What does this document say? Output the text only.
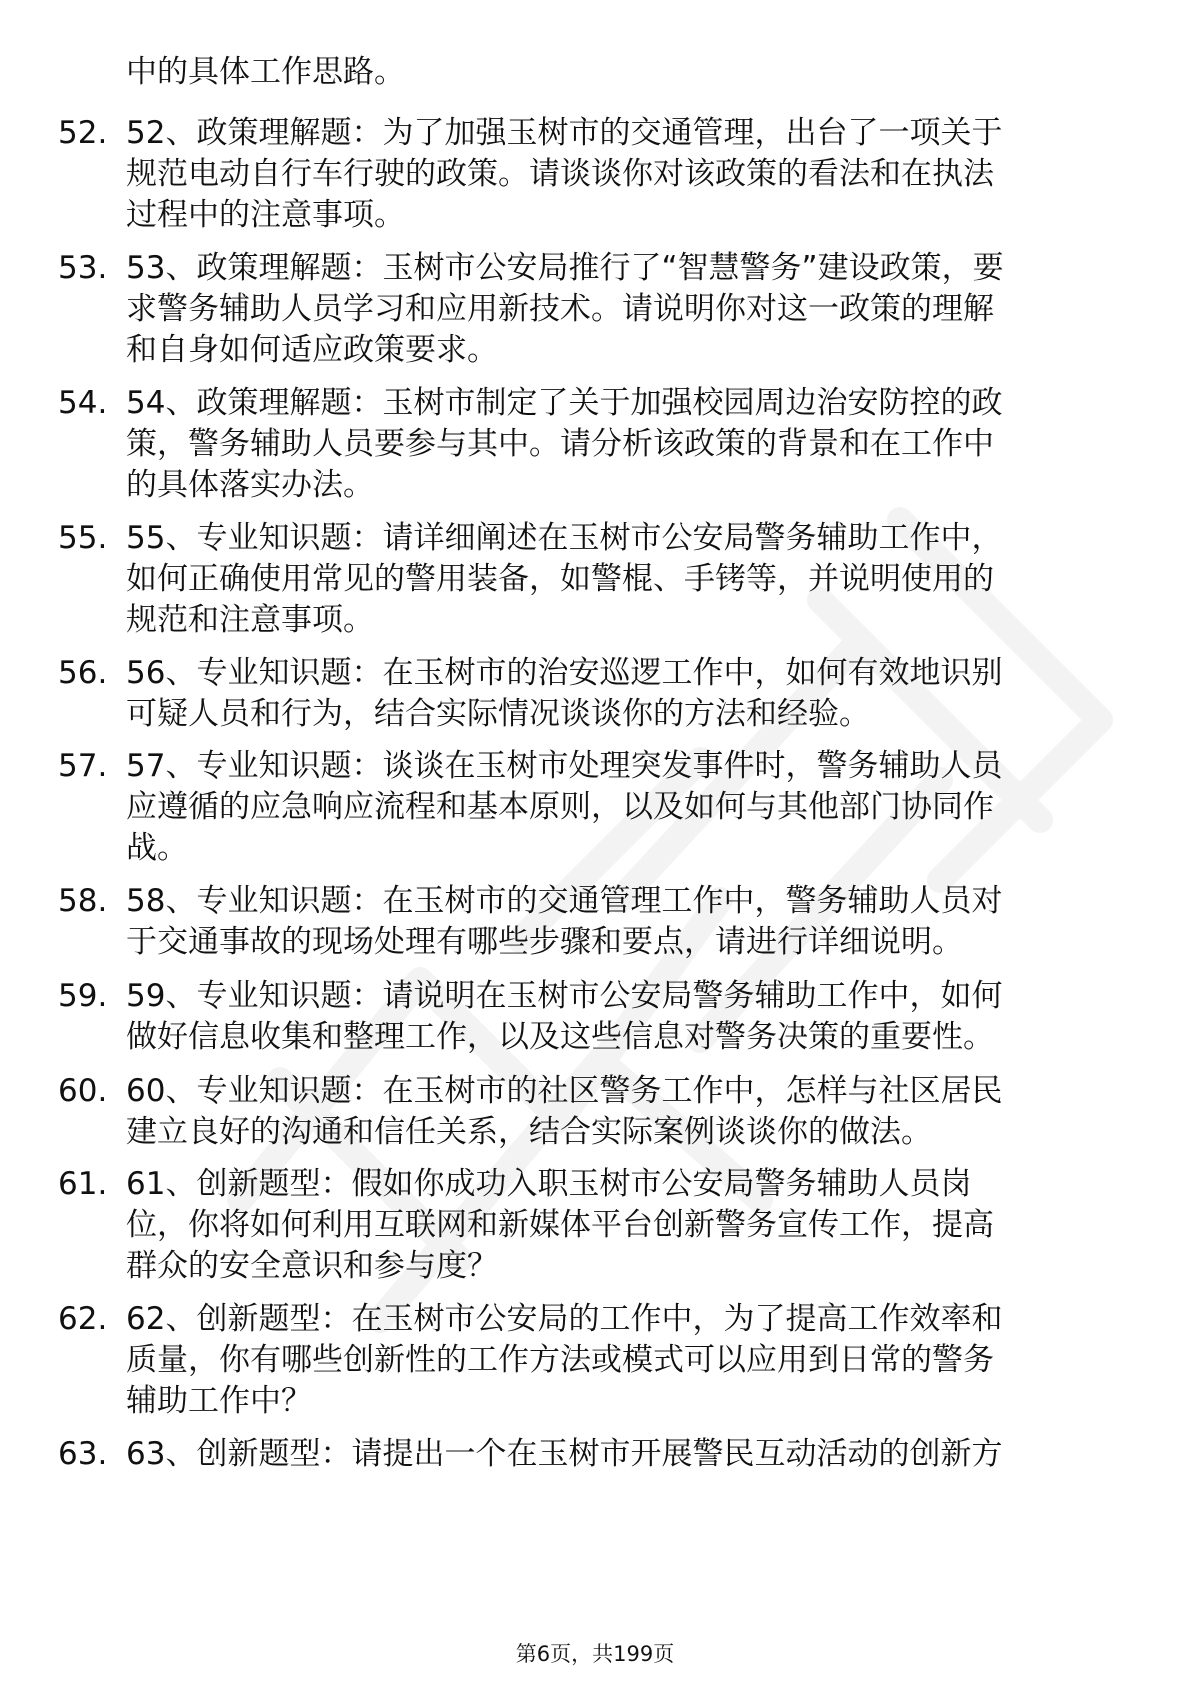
中的具体工作思路。
52. 52、政策理解题：为了加强玉树市的交通管理，出台了一项关于
规范电动自行车行驶的政策。请谈谈你对该政策的看法和在执法
过程中的注意事项。
53. 53、政策理解题：玉树市公安局推行了“智慧警务”建设政策，要
求警务辅助人员学习和应用新技术。请说明你对这一政策的理解
和自身如何适应政策要求。
54. 54、政策理解题：玉树市制定了关于加强校园周边治安防控的政
策，警务辅助人员要参与其中。请分析该政策的背景和在工作中
的具体落实办法。
55. 55、专业知识题：请详细阐述在玉树市公安局警务辅助工作中，
如何正确使用常见的警用装备，如警棍、手铐等，并说明使用的
规范和注意事项。
56. 56、专业知识题：在玉树市的治安巡逻工作中，如何有效地识别
可疑人员和行为，结合实际情况谈谈你的方法和经验。
57. 57、专业知识题：谈谈在玉树市处理突发事件时，警务辅助人员
应遵循的应急响应流程和基本原则，以及如何与其他部门协同作
战。
58. 58、专业知识题：在玉树市的交通管理工作中，警务辅助人员对
于交通事故的现场处理有哪些步骤和要点，请进行详细说明。
59. 59、专业知识题：请说明在玉树市公安局警务辅助工作中，如何
做好信息收集和整理工作，以及这些信息对警务决策的重要性。
60. 60、专业知识题：在玉树市的社区警务工作中，怎样与社区居民
建立良好的沟通和信任关系，结合实际案例谈谈你的做法。
61. 61、创新题型：假如你成功入职玉树市公安局警务辅助人员岗
位，你将如何利用互联网和新媒体平台创新警务宣传工作，提高
群众的安全意识和参与度？
62. 62、创新题型：在玉树市公安局的工作中，为了提高工作效率和
质量，你有哪些创新性的工作方法或模式可以应用到日常的警务
辅助工作中？
63. 63、创新题型：请提出一个在玉树市开展警民互动活动的创新方
第6页，共199页
